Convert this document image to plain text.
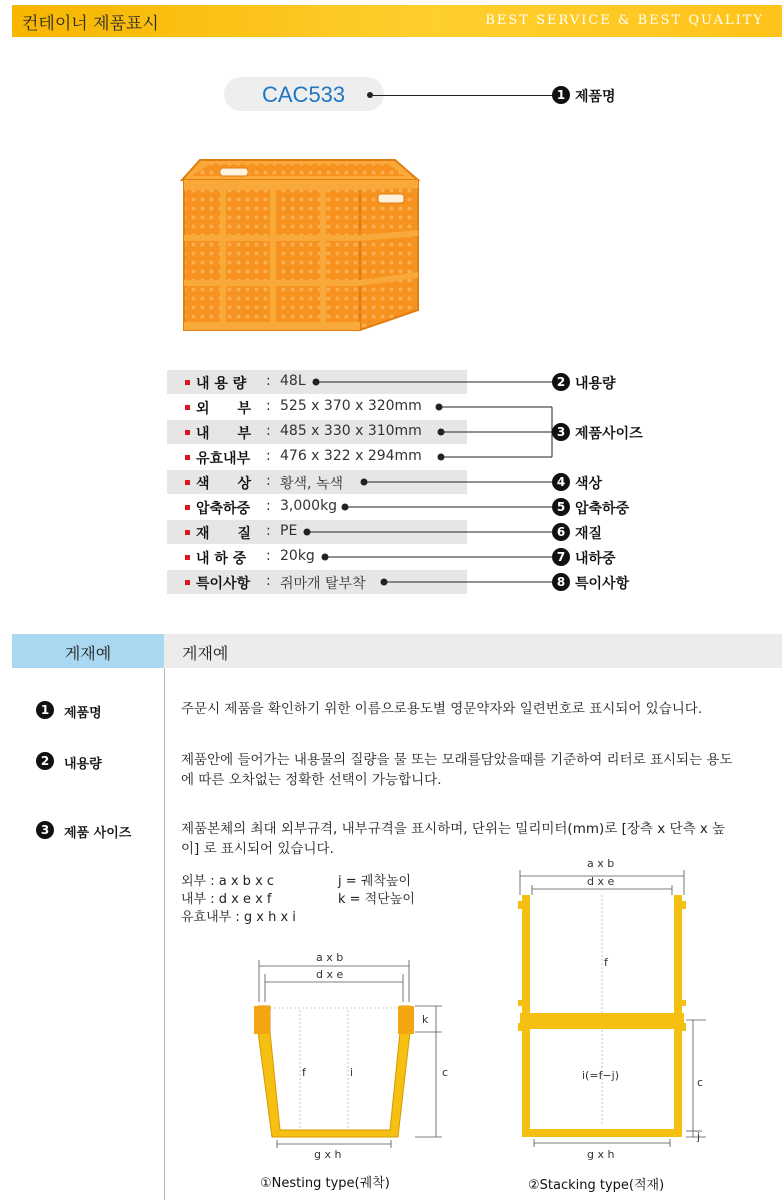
컨테이너 제품표시	BEST SERVICE & BEST QUALITY
CAC533	1 제품명
내 용 량 : 48L
외　　부 : 525 x 370 x 320mm
내　　부 : 485 x 330 x 310mm
유효내부 : 476 x 322 x 294mm
색　　상 : 황색, 녹색
압축하중 : 3,000kg
재　　질 : PE
내 하 중 : 20kg
특이사항 : 쥐마개 탈부착
2 내용량
3 제품사이즈
4 색상
5 압축하중
6 재질
7 내하중
8 특이사항
게재예	게재예
1	제품명	주문시 제품을 확인하기 위한 이름으로용도별 영문약자와 일련번호로 표시되어 있습니다.
2	내용량	제품안에 들어가는 내용물의 질량을 물 또는 모래를담았을때를 기준하여 리터로 표시되는 용도
에 따른 오차없는 정확한 선택이 가능합니다.
3	제품 사이즈	제품본체의 최대 외부규격, 내부규격을 표시하며, 단위는 밀리미터(mm)로 [장측 x 단측 x 높
이] 로 표시되어 있습니다.
외부 : a x b x c
내부 : d x e x f
유효내부 : g x h x i
j = 궤착높이
k = 적단높이
a x b
d x e
f	i	c
k
g x h
①Nesting type(궤착)
a x b
d x e
f
i(=f−j)
c
j
g x h
②Stacking type(적재)
